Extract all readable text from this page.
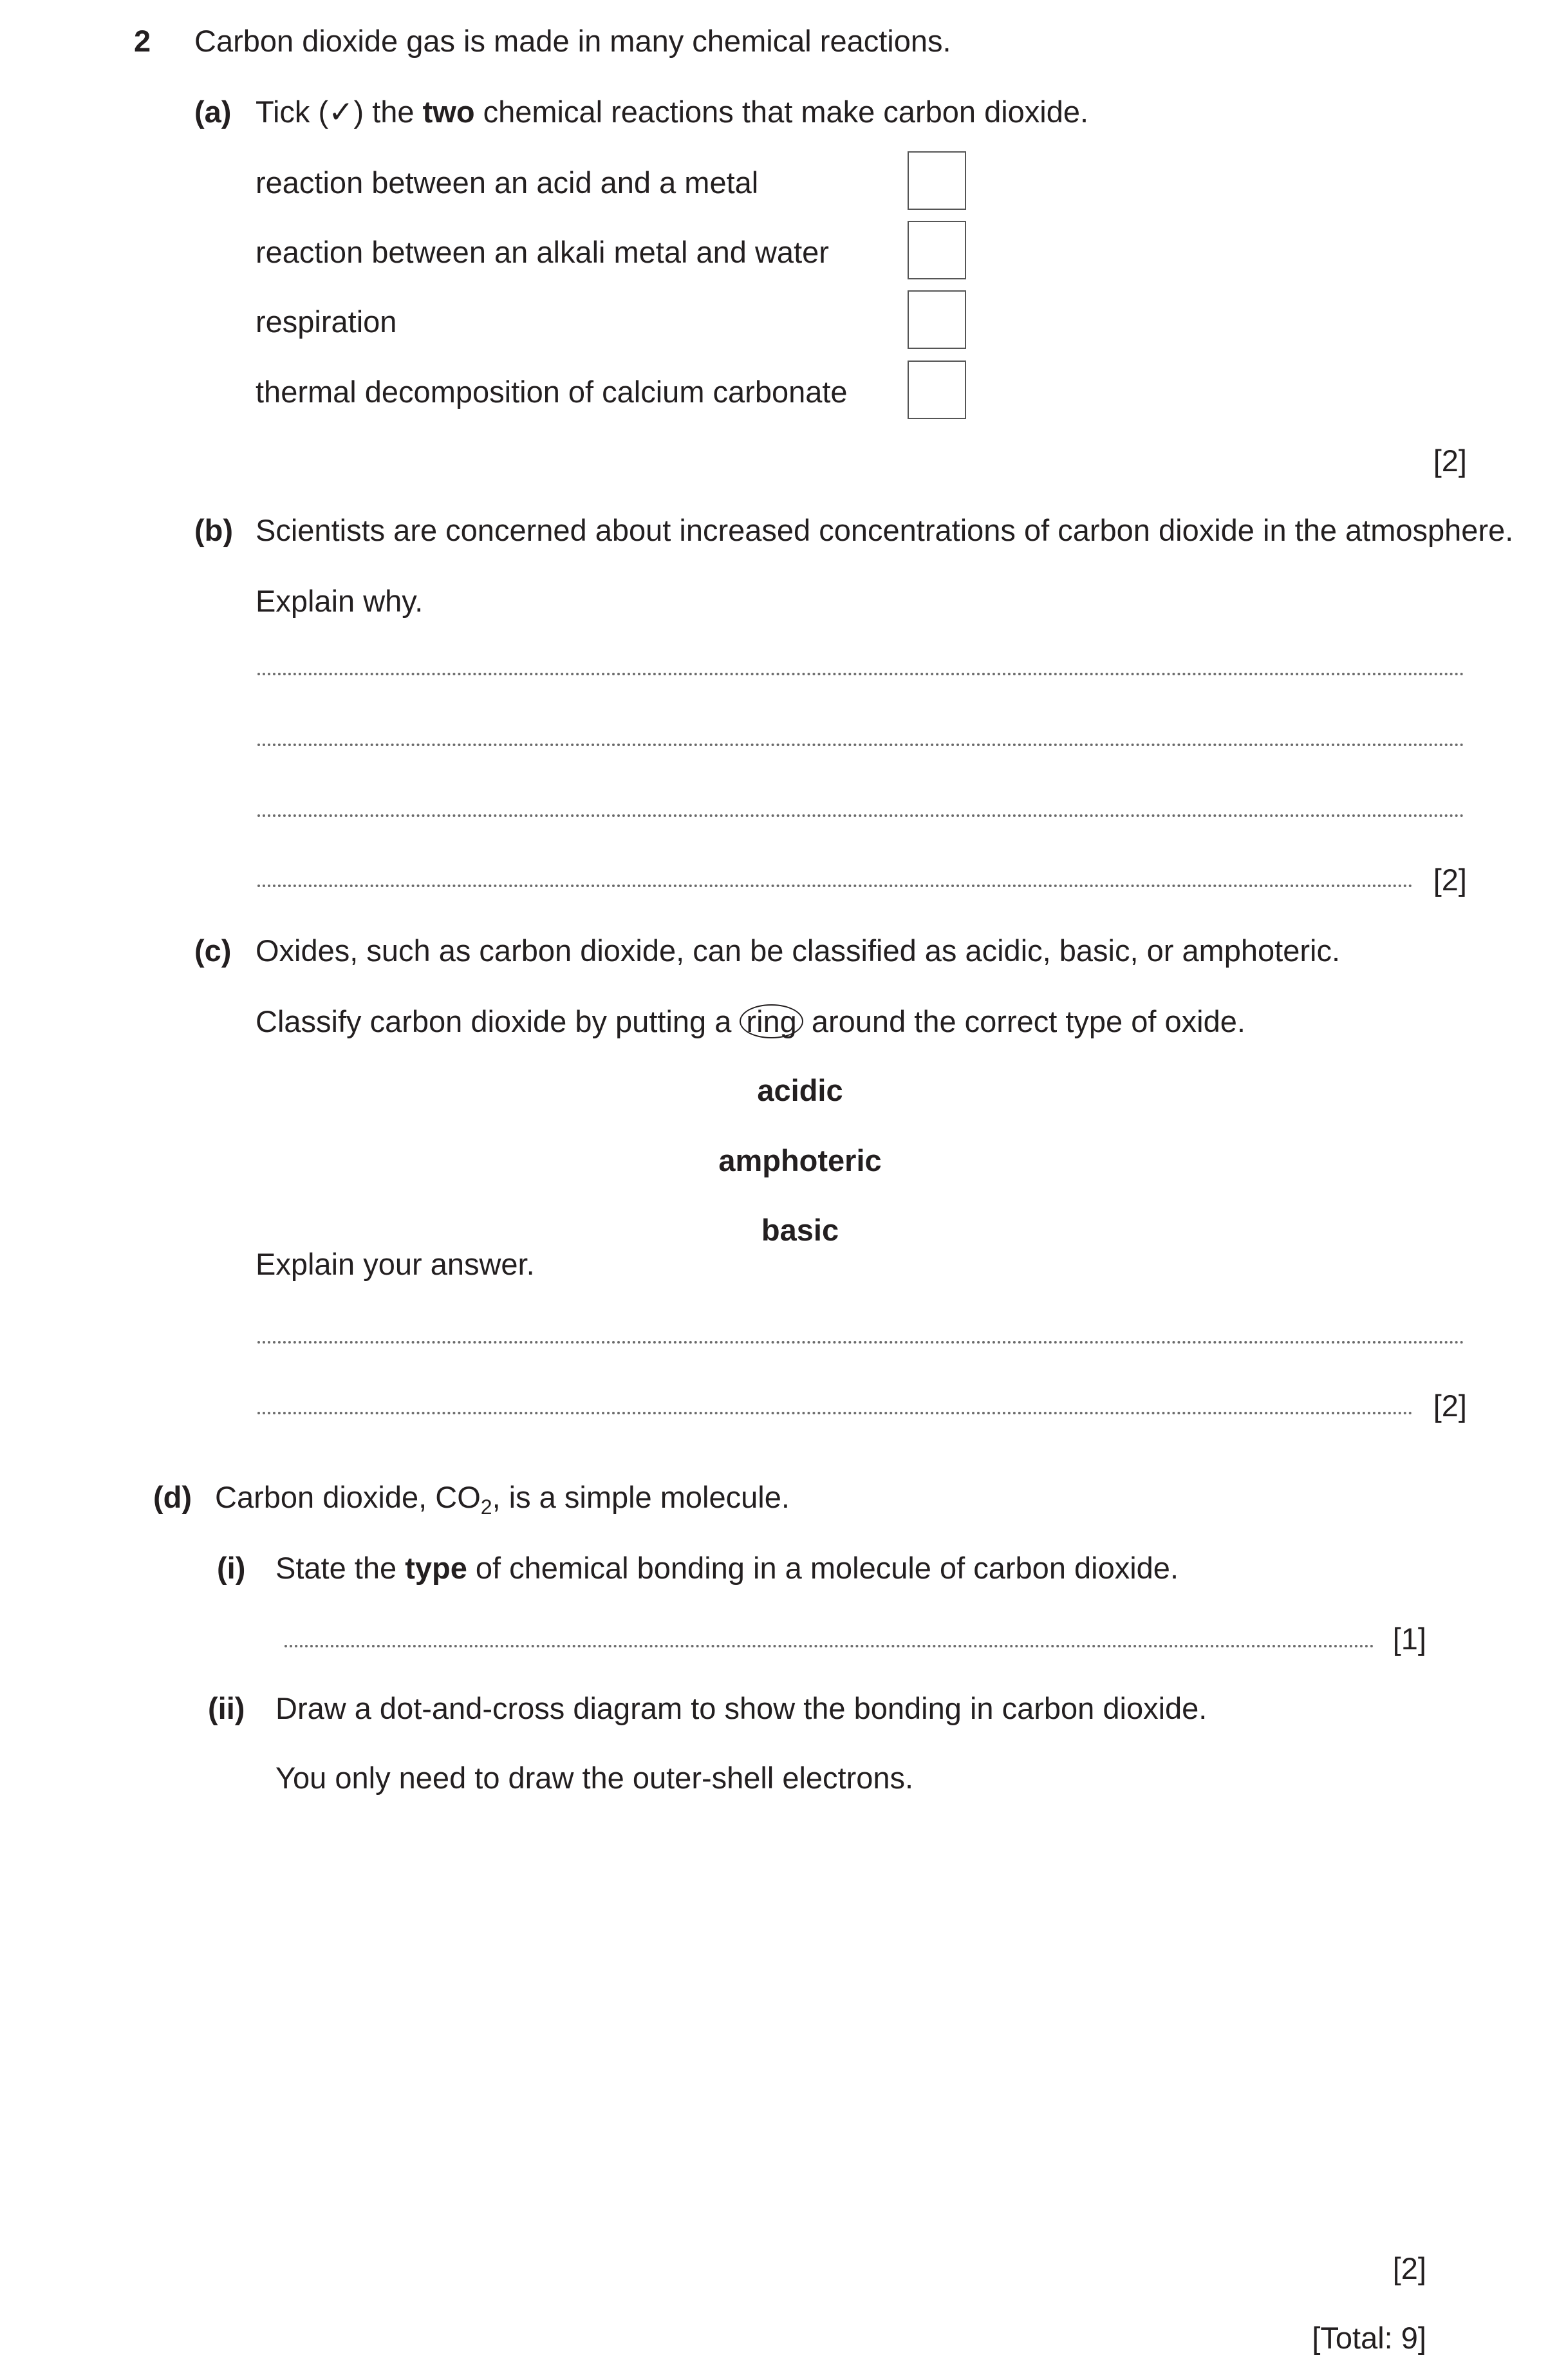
2 Carbon dioxide gas is made in many chemical reactions.
(a) Tick (✓) the two chemical reactions that make carbon dioxide.
reaction between an acid and a metal
reaction between an alkali metal and water
respiration
thermal decomposition of calcium carbonate
[2]
(b) Scientists are concerned about increased concentrations of carbon dioxide in the atmosphere.
Explain why.
[2]
(c) Oxides, such as carbon dioxide, can be classified as acidic, basic, or amphoteric.
Classify carbon dioxide by putting a ring around the correct type of oxide.
acidic
amphoteric
basic
Explain your answer.
[2]
(d) Carbon dioxide, $CO_2$, is a simple molecule.
(i) State the type of chemical bonding in a molecule of carbon dioxide.
[1]
(ii) Draw a dot-and-cross diagram to show the bonding in carbon dioxide.
You only need to draw the outer-shell electrons.
[2]
[Total: 9]
